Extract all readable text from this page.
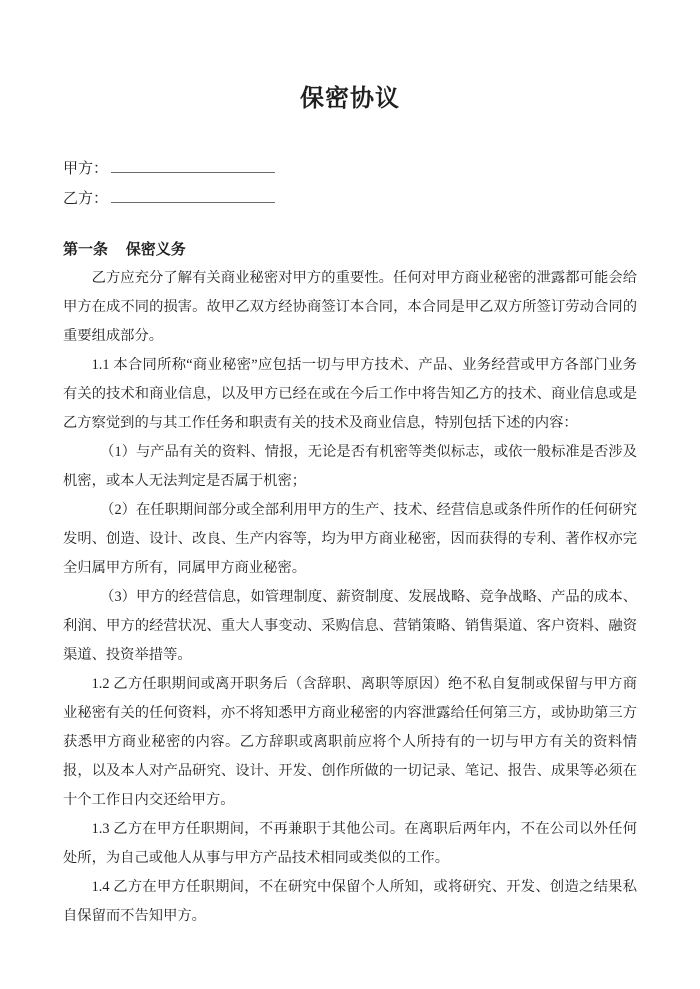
保密协议
甲方：
乙方：
第一条 保密义务

乙方应充分了解有关商业秘密对甲方的重要性。任何对甲方商业秘密的泄露都可能会给甲方在成不同的损害。故甲乙双方经协商签订本合同，本合同是甲乙双方所签订劳动合同的重要组成部分。

1.1 本合同所称“商业秘密”应包括一切与甲方技术、产品、业务经营或甲方各部门业务有关的技术和商业信息，以及甲方已经在或在今后工作中将告知乙方的技术、商业信息或是乙方察觉到的与其工作任务和职责有关的技术及商业信息，特别包括下述的内容：

（1）与产品有关的资料、情报，无论是否有机密等类似标志，或依一般标准是否涉及机密，或本人无法判定是否属于机密；

（2）在任职期间部分或全部利用甲方的生产、技术、经营信息或条件所作的任何研究发明、创造、设计、改良、生产内容等，均为甲方商业秘密，因而获得的专利、著作权亦完全归属甲方所有，同属甲方商业秘密。

（3）甲方的经营信息，如管理制度、薪资制度、发展战略、竞争战略、产品的成本、利润、甲方的经营状况、重大人事变动、采购信息、营销策略、销售渠道、客户资料、融资渠道、投资举措等。

1.2 乙方任职期间或离开职务后（含辞职、离职等原因）绝不私自复制或保留与甲方商业秘密有关的任何资料，亦不将知悉甲方商业秘密的内容泄露给任何第三方，或协助第三方获悉甲方商业秘密的内容。乙方辞职或离职前应将个人所持有的一切与甲方有关的资料情报，以及本人对产品研究、设计、开发、创作所做的一切记录、笔记、报告、成果等必须在十个工作日内交还给甲方。

1.3 乙方在甲方任职期间，不再兼职于其他公司。在离职后两年内，不在公司以外任何处所，为自己或他人从事与甲方产品技术相同或类似的工作。

1.4 乙方在甲方任职期间，不在研究中保留个人所知，或将研究、开发、创造之结果私自保留而不告知甲方。
